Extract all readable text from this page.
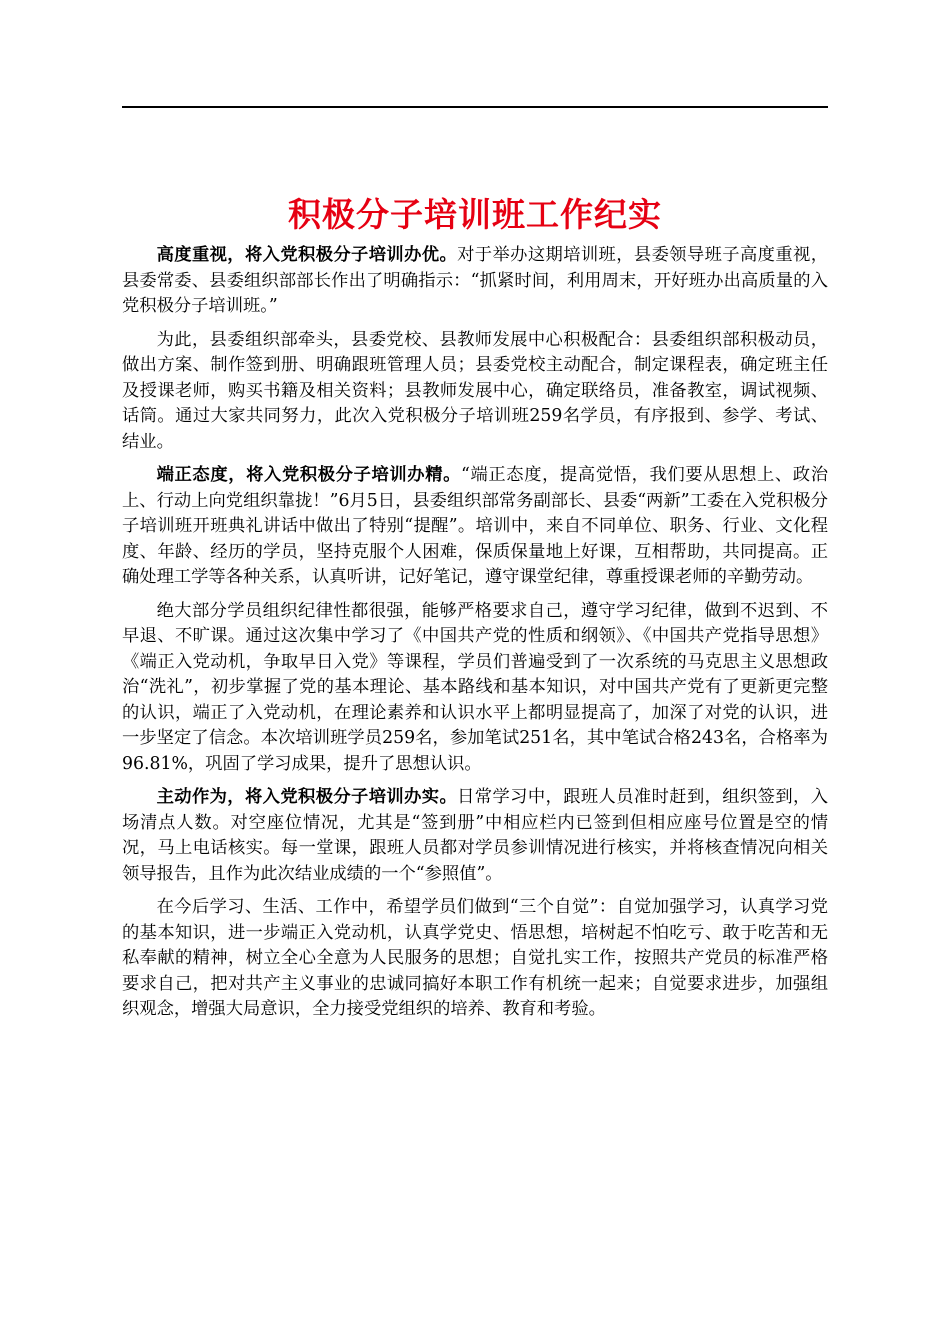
积极分子培训班工作纪实

高度重视，将入党积极分子培训办优。对于举办这期培训班，县委领导班子高度重视，县委常委、县委组织部部长作出了明确指示：“抓紧时间，利用周末，开好班办出高质量的入党积极分子培训班。”

为此，县委组织部牵头，县委党校、县教师发展中心积极配合：县委组织部积极动员，做出方案、制作签到册、明确跟班管理人员；县委党校主动配合，制定课程表，确定班主任及授课老师，购买书籍及相关资料；县教师发展中心，确定联络员，准备教室，调试视频、话筒。通过大家共同努力，此次入党积极分子培训班259名学员，有序报到、参学、考试、结业。

端正态度，将入党积极分子培训办精。“端正态度，提高觉悟，我们要从思想上、政治上、行动上向党组织靠拢！”6月5日，县委组织部常务副部长、县委“两新”工委在入党积极分子培训班开班典礼讲话中做出了特别“提醒”。培训中，来自不同单位、职务、行业、文化程度、年龄、经历的学员，坚持克服个人困难，保质保量地上好课，互相帮助，共同提高。正确处理工学等各种关系，认真听讲，记好笔记，遵守课堂纪律，尊重授课老师的辛勤劳动。

绝大部分学员组织纪律性都很强，能够严格要求自己，遵守学习纪律，做到不迟到、不早退、不旷课。通过这次集中学习了《中国共产党的性质和纲领》、《中国共产党指导思想》《端正入党动机，争取早日入党》等课程，学员们普遍受到了一次系统的马克思主义思想政治“洗礼”，初步掌握了党的基本理论、基本路线和基本知识，对中国共产党有了更新更完整的认识，端正了入党动机，在理论素养和认识水平上都明显提高了，加深了对党的认识，进一步坚定了信念。本次培训班学员259名，参加笔试251名，其中笔试合格243名，合格率为96.81%，巩固了学习成果，提升了思想认识。

主动作为，将入党积极分子培训办实。日常学习中，跟班人员准时赶到，组织签到，入场清点人数。对空座位情况，尤其是“签到册”中相应栏内已签到但相应座号位置是空的情况，马上电话核实。每一堂课，跟班人员都对学员参训情况进行核实，并将核查情况向相关领导报告，且作为此次结业成绩的一个“参照值”。

在今后学习、生活、工作中，希望学员们做到“三个自觉”：自觉加强学习，认真学习党的基本知识，进一步端正入党动机，认真学党史、悟思想，培树起不怕吃亏、敢于吃苦和无私奉献的精神，树立全心全意为人民服务的思想；自觉扎实工作，按照共产党员的标准严格要求自己，把对共产主义事业的忠诚同搞好本职工作有机统一起来；自觉要求进步，加强组织观念，增强大局意识，全力接受党组织的培养、教育和考验。
